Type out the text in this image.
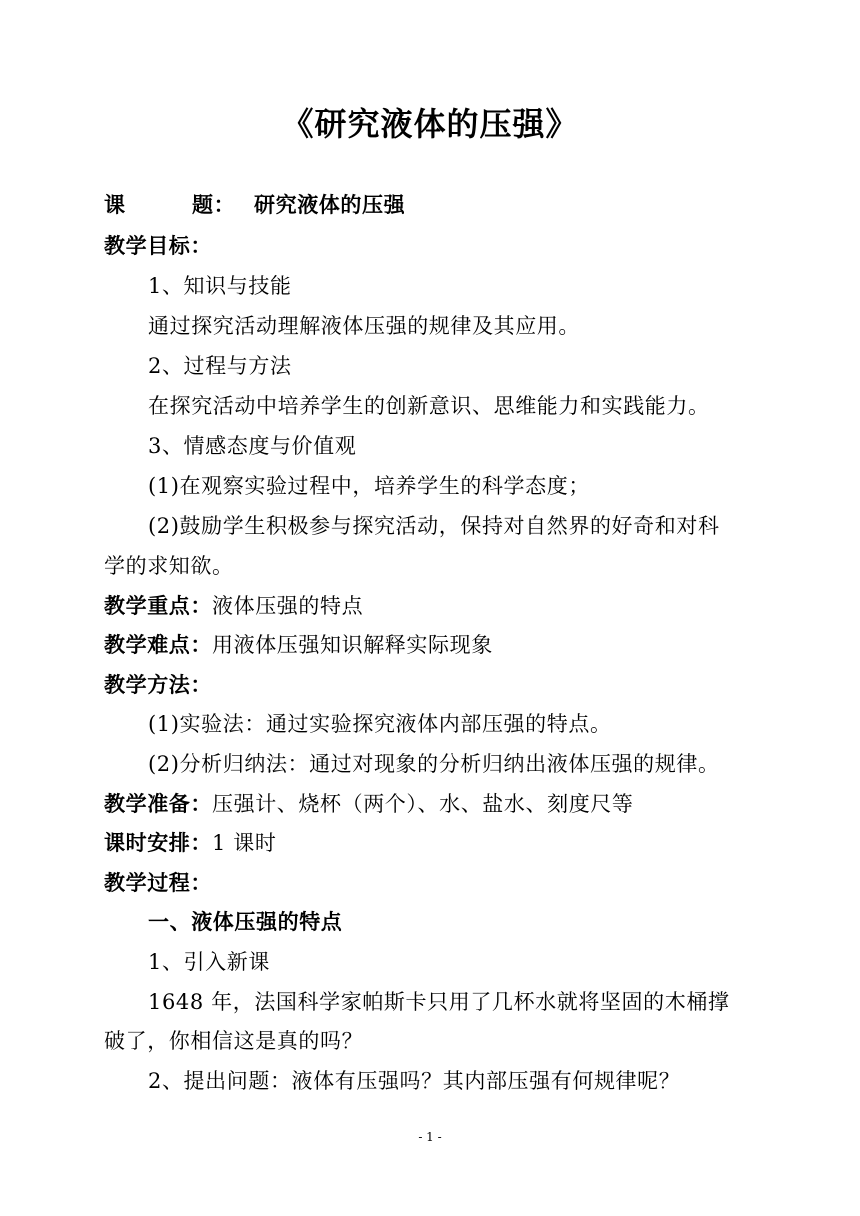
《研究液体的压强》
课	题： 研究液体的压强
教学目标：
1、知识与技能
通过探究活动理解液体压强的规律及其应用。
2、过程与方法
在探究活动中培养学生的创新意识、思维能力和实践能力。
3、情感态度与价值观
(1)在观察实验过程中，培养学生的科学态度；
(2)鼓励学生积极参与探究活动，保持对自然界的好奇和对科
学的求知欲。
教学重点：液体压强的特点
教学难点：用液体压强知识解释实际现象
教学方法：
(1)实验法：通过实验探究液体内部压强的特点。
(2)分析归纳法：通过对现象的分析归纳出液体压强的规律。
教学准备：压强计、烧杯（两个）、水、盐水、刻度尺等
课时安排：1 课时
教学过程：
一、液体压强的特点
1、引入新课
1648 年，法国科学家帕斯卡只用了几杯水就将坚固的木桶撑
破了，你相信这是真的吗？
2、提出问题：液体有压强吗？其内部压强有何规律呢？
- 1 -
